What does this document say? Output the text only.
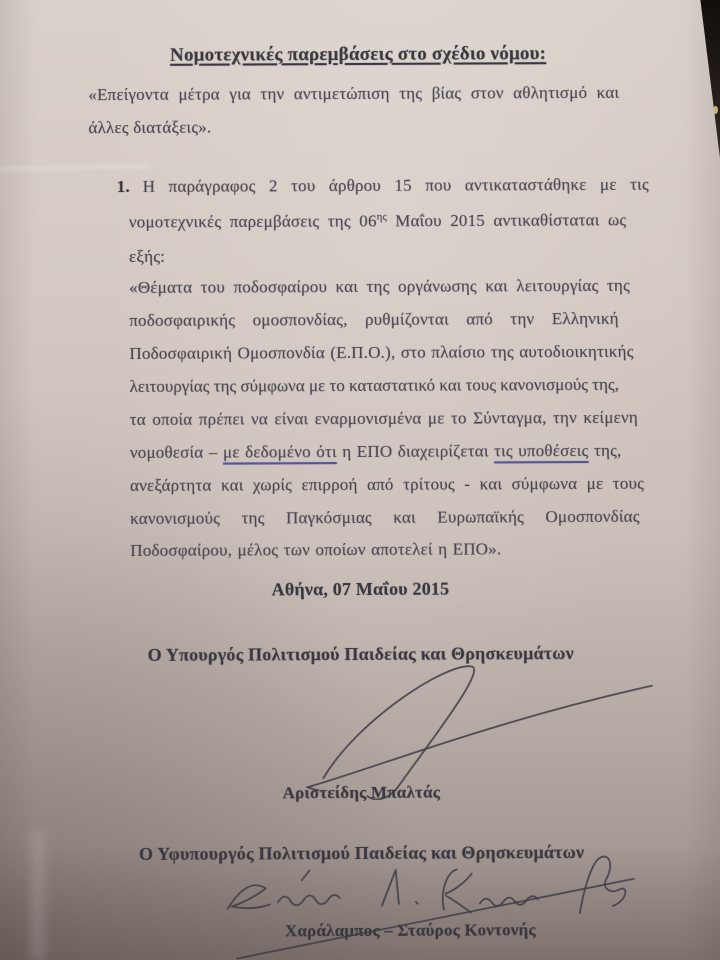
Νομοτεχνικές παρεμβάσεις στο σχέδιο νόμου:
«Επείγοντα μέτρα για την αντιμετώπιση της βίας στον αθλητισμό και
άλλες διατάξεις».
1. Η παράγραφος 2 του άρθρου 15 που αντικαταστάθηκε με τις
νομοτεχνικές παρεμβάσεις της $06^{\eta\varsigma}$ Μαΐου 2015 αντικαθίσταται ως
εξής:
«Θέματα του ποδοσφαίρου και της οργάνωσης και λειτουργίας της
ποδοσφαιρικής ομοσπονδίας, ρυθμίζονται από την Ελληνική
Ποδοσφαιρική Ομοσπονδία (Ε.Π.Ο.), στο πλαίσιο της αυτοδιοικητικής
λειτουργίας της σύμφωνα με το καταστατικό και τους κανονισμούς της,
τα οποία πρέπει να είναι εναρμονισμένα με το Σύνταγμα, την κείμενη
νομοθεσία – με δεδομένο ότι η ΕΠΟ διαχειρίζεται τις υποθέσεις της,
ανεξάρτητα και χωρίς επιρροή από τρίτους - και σύμφωνα με τους
κανονισμούς της Παγκόσμιας και Ευρωπαϊκής Ομοσπονδίας
Ποδοσφαίρου, μέλος των οποίων αποτελεί η ΕΠΟ».
Αθήνα, 07 Μαΐου 2015
Ο Υπουργός Πολιτισμού Παιδείας και Θρησκευμάτων
Αριστείδης Μπαλτάς
Ο Υφυπουργός Πολιτισμού Παιδείας και Θρησκευμάτων
Χαράλαμπος – Σταύρος Κοντονής
